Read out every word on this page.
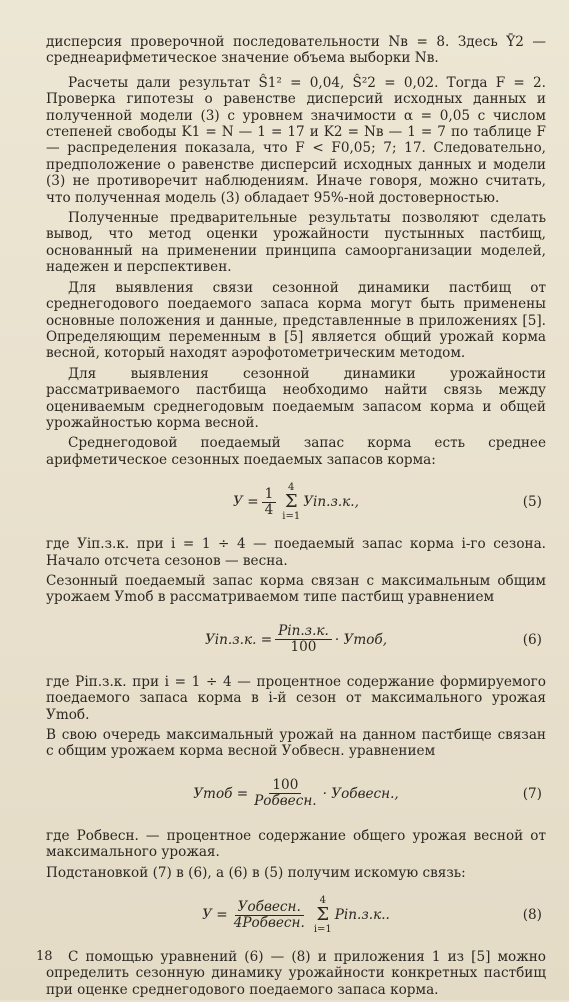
дисперсия проверочной последовательности Nв = 8. Здесь Ȳ2 — среднеарифметическое значение объема выборки Nв.

Расчеты дали результат Ŝ1² = 0,04, Ŝ²2 = 0,02. Тогда F = 2. Проверка гипотезы о равенстве дисперсий исходных данных и полученной модели (3) с уровнем значимости α = 0,05 с числом степеней свободы K1 = N — 1 = 17 и K2 = Nв — 1 = 7 по таблице F — распределения показала, что F < F0,05; 7; 17. Следовательно, предположение о равенстве дисперсий исходных данных и модели (3) не противоречит наблюдениям. Иначе говоря, можно считать, что полученная модель (3) обладает 95%-ной достоверностью.

Полученные предварительные результаты позволяют сделать вывод, что метод оценки урожайности пустынных пастбищ, основанный на применении принципа самоорганизации моделей, надежен и перспективен.

Для выявления связи сезонной динамики пастбищ от среднегодового поедаемого запаса корма могут быть применены основные положения и данные, представленные в приложениях [5]. Определяющим переменным в [5] является общий урожай корма весной, который находят аэрофотометрическим методом.

Для выявления сезонной динамики урожайности рассматриваемого пастбища необходимо найти связь между оцениваемым среднегодовым поедаемым запасом корма и общей урожайностью корма весной.

Среднегодовой поедаемый запас корма есть среднее арифметическое сезонных поедаемых запасов корма:

$У = \frac{1}{4} 4$
Σ
i=1
Уiп.з.к.,	(5)

где Уiп.з.к. при i = 1 ÷ 4 — поедаемый запас корма i-го сезона. Начало отсчета сезонов — весна.

Сезонный поедаемый запас корма связан с максимальным общим урожаем Уmоб в рассматриваемом типе пастбищ уравнением

Уiп.з.к. = $\frac{\text{Piп.з.к.}}{100}$ · Уmоб,	(6)

где Piп.з.к. при i = 1 ÷ 4 — процентное содержание формируемого поедаемого запаса корма в i-й сезон от максимального урожая Уmоб.

В свою очередь максимальный урожай на данном пастбище связан с общим урожаем корма весной Уобвесн. уравнением

Уmоб = $\frac{100}{\text{Pобвесн.}}$ · Уобвесн.,	(7)

где Pобвесн. — процентное содержание общего урожая весной от максимального урожая.

Подстановкой (7) в (6), а (6) в (5) получим искомую связь:

$У = \frac{\text{Уобвесн.}}{\text{4Pобвесн.}} 4$
Σ
i=1
Piп.з.к..	(8)

С помощью уравнений (6) — (8) и приложения 1 из [5] можно определить сезонную динамику урожайности конкретных пастбищ при оценке среднегодового поедаемого запаса корма.

18
